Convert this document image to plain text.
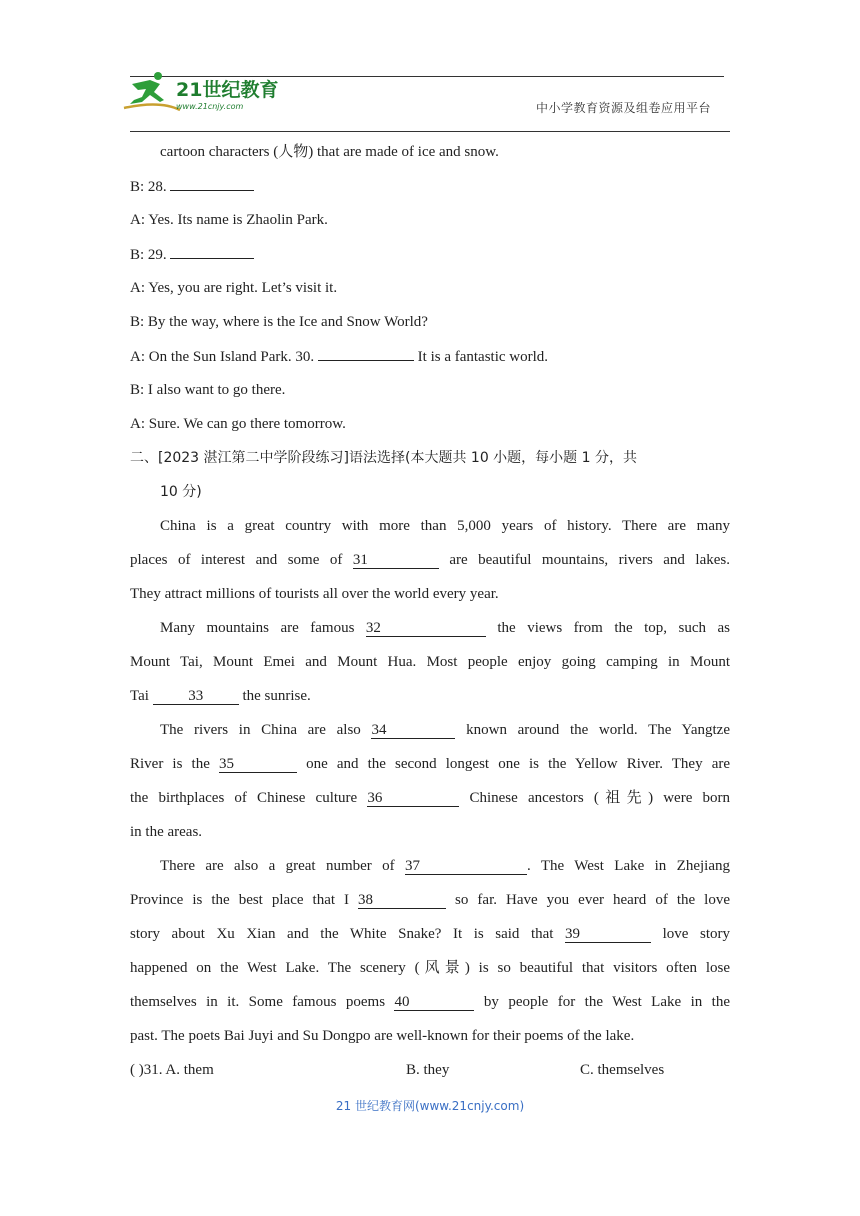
21世纪教育
www.21cnjy.com	中小学教育资源及组卷应用平台
cartoon characters (人物) that are made of ice and snow.
B: 28.
A: Yes. Its name is Zhaolin Park.
B: 29.
A: Yes, you are right. Let’s visit it.
B: By the way, where is the Ice and Snow World?
A: On the Sun Island Park. 30.	It is a fantastic world.
B: I also want to go there.
A: Sure. We can go there tomorrow.
二、[2023 湛江第二中学阶段练习]语法选择(本大题共 10 小题，每小题 1 分，共
10 分)
China is a great country with more than 5,000 years of history. There are many
places of interest and some of 31	are beautiful mountains, rivers and lakes.
They attract millions of tourists all over the world every year.
Many mountains are famous 32	the views from the top, such as
Mount Tai, Mount Emei and Mount Hua. Most people enjoy going camping in Mount
Tai 33 the sunrise.
The rivers in China are also 34	known around the world. The Yangtze
River is the 35	one and the second longest one is the Yellow River. They are
the birthplaces of Chinese culture 36	Chinese ancestors (祖先) were born
in the areas.
There are also a great number of 37	. The West Lake in Zhejiang
Province is the best place that I 38	so far. Have you ever heard of the love
story about Xu Xian and the White Snake? It is said that 39	love story
happened on the West Lake. The scenery (风景) is so beautiful that visitors often lose
themselves in it. Some famous poems 40	by people for the West Lake in the
past. The poets Bai Juyi and Su Dongpo are well-known for their poems of the lake.
( )31. A. them	B. they	C. themselves
21 世纪教育网(www.21cnjy.com)
